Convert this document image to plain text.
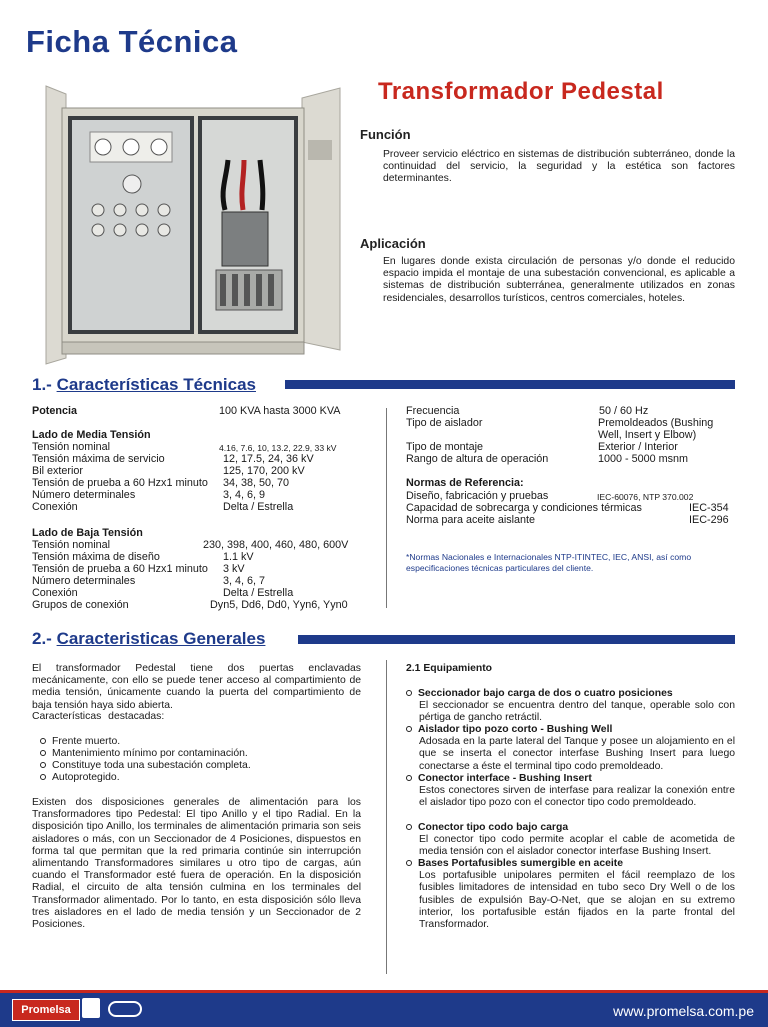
Ficha Técnica
Transformador Pedestal
Función
Proveer servicio eléctrico en sistemas de distribución subterráneo, donde la continuidad del servicio, la seguridad y la estética son factores determinantes.
Aplicación
En lugares donde exista circulación de personas y/o donde el reducido espacio impida el montaje de una subestación convencional, es aplicable a sistemas de distribución subterránea, generalmente utilizados en zonas residenciales, desarrollos turísticos, centros comerciales, hoteles.
1.- Características Técnicas
Potencia	100 KVA hasta 3000 KVA
Lado de Media Tensión
Tensión nominal	4.16, 7.6, 10, 13.2, 22.9, 33 kV
Tensión máxima de servicio	12, 17.5, 24, 36 kV
Bil exterior	125, 170, 200 kV
Tensión de prueba a 60 Hzx1 minuto 34, 38, 50, 70
Número determinales	3, 4, 6, 9
Conexión	Delta / Estrella
Lado de Baja Tensión
Tensión nominal	230, 398, 400, 460, 480, 600V
Tensión máxima de diseño	1.1 kV
Tensión de prueba a 60 Hzx1 minuto 3 kV
Número determinales	3, 4, 6, 7
Conexión	Delta / Estrella
Grupos de conexión	Dyn5, Dd6, Dd0, Yyn6, Yyn0
Frecuencia	50 / 60 Hz
Tipo de aislador	Premoldeados (Bushing
Well, Insert y Elbow)
Tipo de montaje	Exterior / Interior
Rango de altura de operación	1000 - 5000 msnm
Normas de Referencia:
Diseño, fabricación y pruebas	IEC-60076, NTP 370.002
Capacidad de sobrecarga y condiciones térmicas	IEC-354
Norma para aceite aislante	IEC-296
*Normas Nacionales e Internacionales NTP-ITINTEC, IEC, ANSI, así como especificaciones técnicas particulares del cliente.
2.- Caracteristicas Generales
El transformador Pedestal tiene dos puertas enclavadas mecánicamente, con ello se puede tener acceso al compartimiento de media tensión, únicamente cuando la puerta del compartimiento de baja tensión haya sido abierta.
Características destacadas:
Frente muerto.
Mantenimiento mínimo por contaminación.
Constituye toda una subestación completa.
Autoprotegido.
Existen dos disposiciones generales de alimentación para los Transformadores tipo Pedestal: El tipo Anillo y el tipo Radial. En la disposición tipo Anillo, los terminales de alimentación primaria son seis aisladores o más, con un Seccionador de 4 Posiciones, dispuestos en forma tal que permitan que la red primaria continúe sin interrupción alimentando Transformadores similares u otro tipo de cargas, aún cuando el Transformador esté fuera de operación. En la disposición Radial, el circuito de alta tensión culmina en los terminales del Transformador alimentado. Por lo tanto, en esta disposición sólo lleva tres aisladores en el lado de media tensión y un Seccionador de 2 Posiciones.
2.1 Equipamiento
Seccionador bajo carga de dos o cuatro posiciones
El seccionador se encuentra dentro del tanque, operable solo con pértiga de gancho retráctil.
Aislador tipo pozo corto - Bushing Well
Adosada en la parte lateral del Tanque y posee un alojamiento en el que se inserta el conector interfase Bushing Insert para luego conectarse a éste el terminal tipo codo premoldeado.
Conector interface - Bushing Insert
Estos conectores sirven de interfase para realizar la conexión entre el aislador tipo pozo con el conector tipo codo premoldeado.
Conector tipo codo bajo carga
El conector tipo codo permite acoplar el cable de acometida de media tensión con el aislador conector interfase Bushing Insert.
Bases Portafusibles sumergible en aceite
Los portafusible unipolares permiten el fácil reemplazo de los fusibles limitadores de intensidad en tubo seco Dry Well o de los fusibles de expulsión Bay-O-Net, que se alojan en su extremo interior, los portafusible están fijados en la parte frontal del Transformador.
Promelsa	www.promelsa.com.pe
